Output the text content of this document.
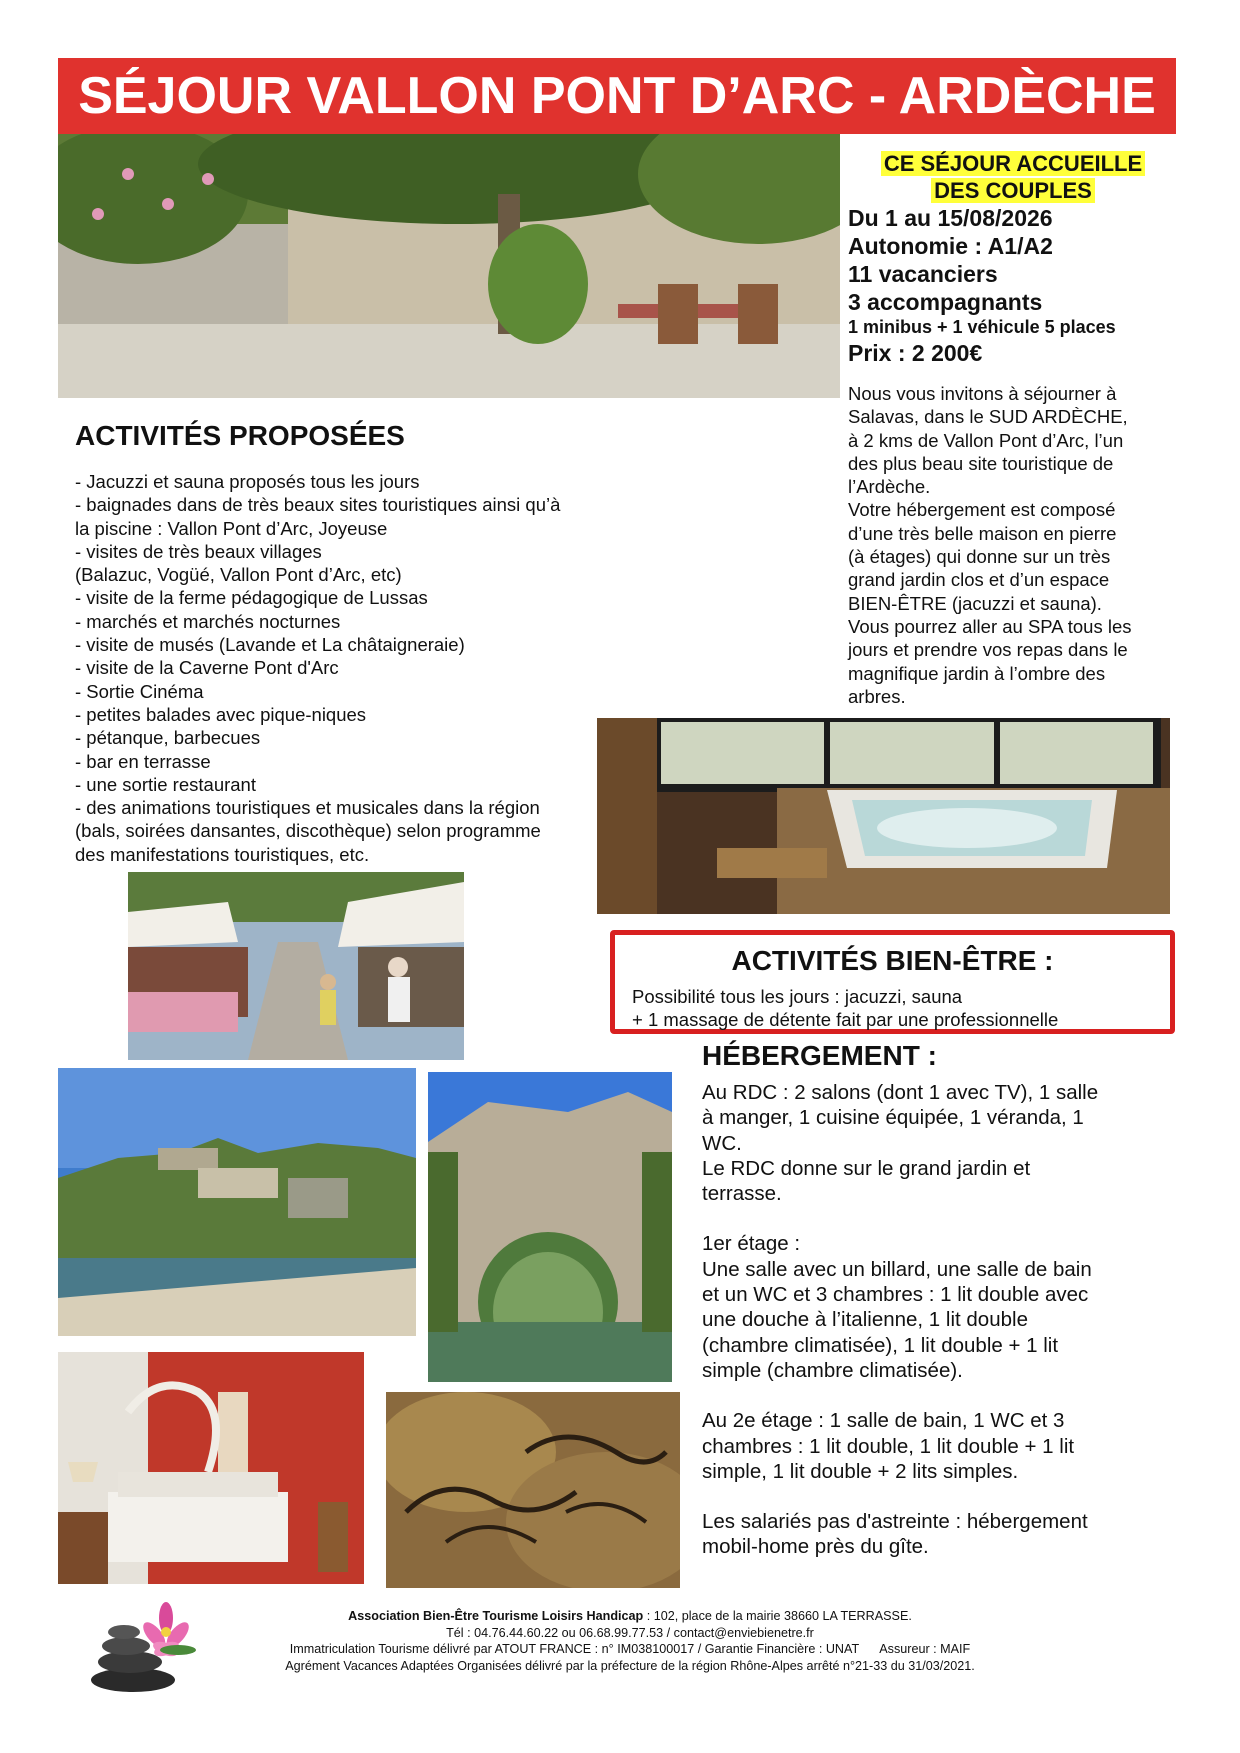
SÉJOUR VALLON PONT D’ARC - ARDÈCHE
CE SÉJOUR ACCUEILLE
DES COUPLES
Du 1 au 15/08/2026
Autonomie : A1/A2
11 vacanciers
3 accompagnants
1 minibus + 1 véhicule 5 places
Prix : 2 200€
Nous vous invitons à séjourner à
Salavas, dans le SUD ARDÈCHE,
à 2 kms de Vallon Pont d’Arc, l’un
des plus beau site touristique de
l’Ardèche.
Votre hébergement est composé
d’une très belle maison en pierre
(à étages) qui donne sur un très
grand jardin clos et d’un espace
BIEN-ÊTRE (jacuzzi et sauna).
Vous pourrez aller au SPA tous les
jours et prendre vos repas dans le
magnifique jardin à l’ombre des
arbres.
ACTIVITÉS PROPOSÉES
- Jacuzzi et sauna proposés tous les jours
- baignades dans de très beaux sites touristiques ainsi qu’à
la piscine : Vallon Pont d’Arc, Joyeuse
- visites de très beaux villages
(Balazuc, Vogüé, Vallon Pont d’Arc, etc)
- visite de la ferme pédagogique de Lussas
- marchés et marchés nocturnes
- visite de musés (Lavande et La châtaigneraie)
- visite de la Caverne Pont d'Arc
- Sortie Cinéma
- petites balades avec pique-niques
- pétanque, barbecues
- bar en terrasse
- une sortie restaurant
- des animations touristiques et musicales dans la région
(bals, soirées dansantes, discothèque) selon programme
des manifestations touristiques, etc.
ACTIVITÉS BIEN-ÊTRE :
Possibilité tous les jours : jacuzzi, sauna
+ 1 massage de détente fait par une professionnelle
HÉBERGEMENT :

Au RDC : 2 salons (dont 1 avec TV), 1 salle
à manger, 1 cuisine équipée, 1 véranda, 1
WC.
Le RDC donne sur le grand jardin et
terrasse.

1er étage :
Une salle avec un billard, une salle de bain
et un WC et 3 chambres : 1 lit double avec
une douche à l’italienne, 1 lit double
(chambre climatisée), 1 lit double + 1 lit
simple (chambre climatisée).

Au 2e étage : 1 salle de bain, 1 WC et 3
chambres : 1 lit double, 1 lit double + 1 lit
simple, 1 lit double + 2 lits simples.

Les salariés pas d'astreinte : hébergement
mobil-home près du gîte.

Association Bien-Être Tourisme Loisirs Handicap : 102, place de la mairie 38660 LA TERRASSE.
Tél : 04.76.44.60.22 ou 06.68.99.77.53 / contact@enviebienetre.fr
Immatriculation Tourisme délivré par ATOUT FRANCE : n° IM038100017 / Garantie Financière : UNAT      Assureur : MAIF
Agrément Vacances Adaptées Organisées délivré par la préfecture de la région Rhône-Alpes arrêté n°21-33 du 31/03/2021.
